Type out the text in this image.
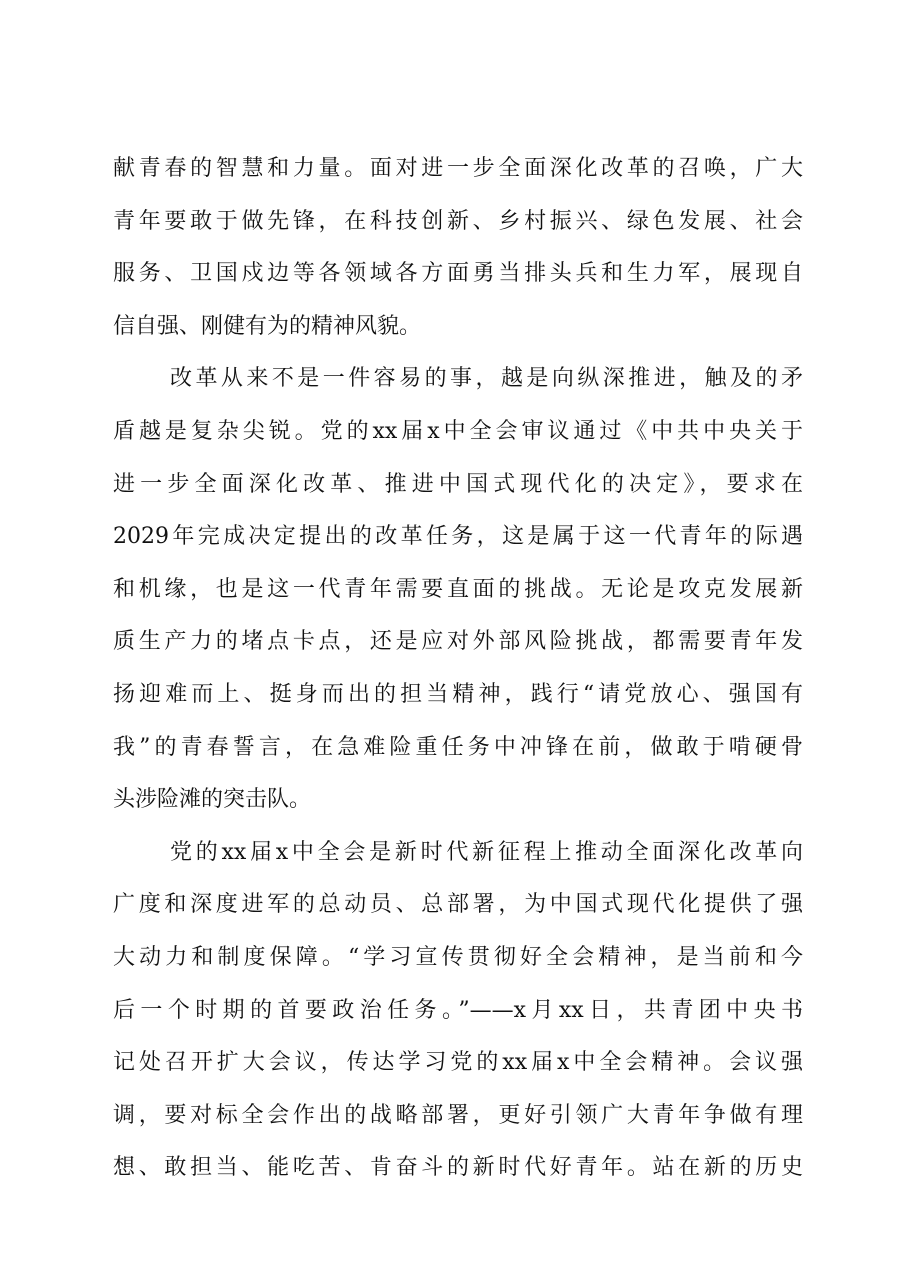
献青春的智慧和力量。面对进一步全面深化改革的召唤，广大
青年要敢于做先锋，在科技创新、乡村振兴、绿色发展、社会
服务、卫国戍边等各领域各方面勇当排头兵和生力军，展现自
信自强、刚健有为的精神风貌。
改革从来不是一件容易的事，越是向纵深推进，触及的矛
盾越是复杂尖锐。党的xx届x中全会审议通过《中共中央关于
进一步全面深化改革、推进中国式现代化的决定》，要求在
2029年完成决定提出的改革任务，这是属于这一代青年的际遇
和机缘，也是这一代青年需要直面的挑战。无论是攻克发展新
质生产力的堵点卡点，还是应对外部风险挑战，都需要青年发
扬迎难而上、挺身而出的担当精神，践行“请党放心、强国有
我”的青春誓言，在急难险重任务中冲锋在前，做敢于啃硬骨
头涉险滩的突击队。
党的xx届x中全会是新时代新征程上推动全面深化改革向
广度和深度进军的总动员、总部署，为中国式现代化提供了强
大动力和制度保障。“学习宣传贯彻好全会精神，是当前和今
后一个时期的首要政治任务。”——x月xx日，共青团中央书
记处召开扩大会议，传达学习党的xx届x中全会精神。会议强
调，要对标全会作出的战略部署，更好引领广大青年争做有理
想、敢担当、能吃苦、肯奋斗的新时代好青年。站在新的历史
